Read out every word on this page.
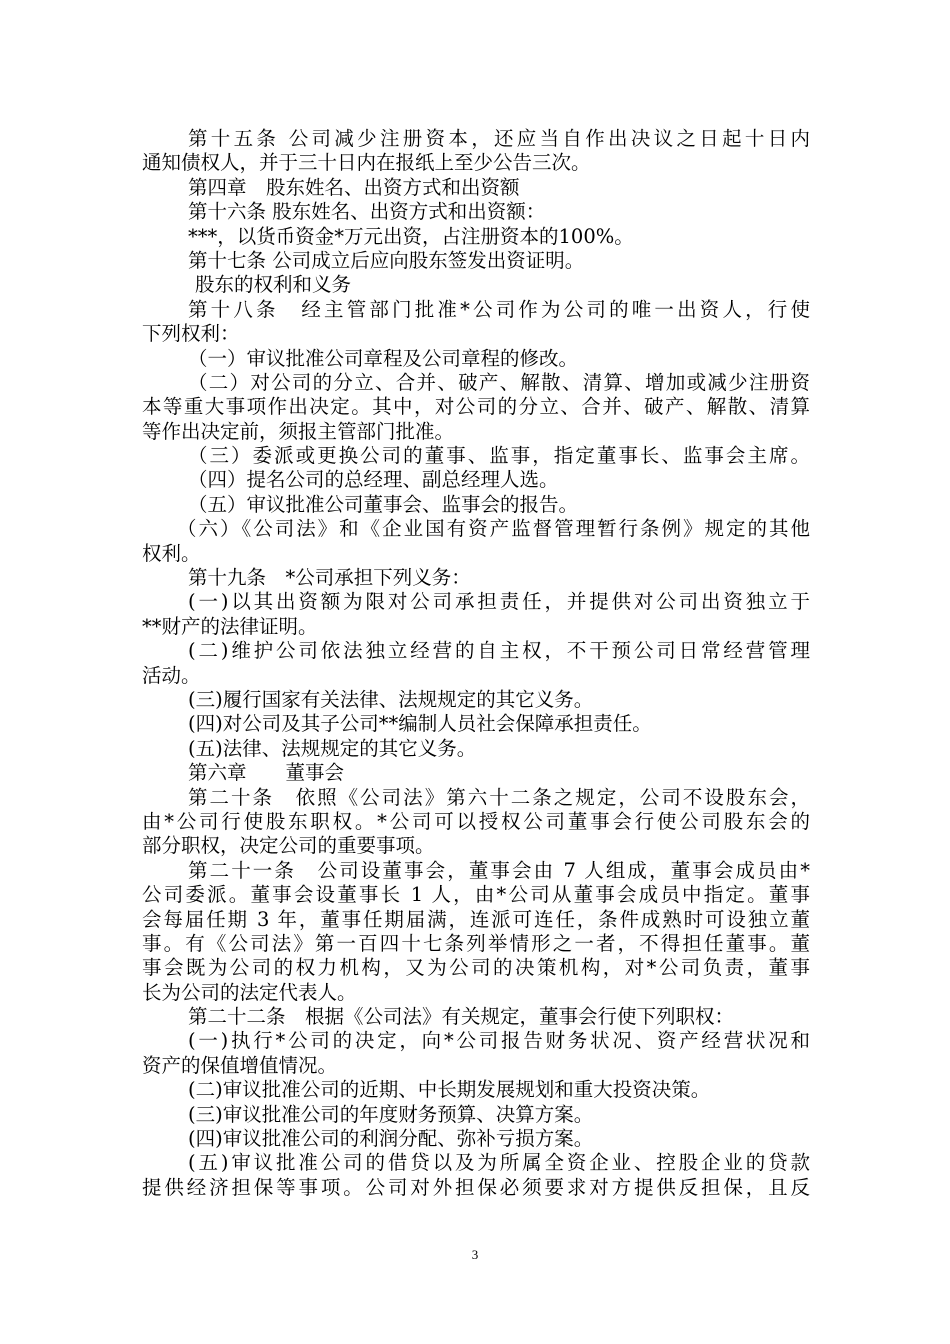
第十五条 公司减少注册资本，还应当自作出决议之日起十日内
通知债权人，并于三十日内在报纸上至少公告三次。
第四章　股东姓名、出资方式和出资额
第十六条 股东姓名、出资方式和出资额：
***，以货币资金*万元出资，占注册资本的100%。
第十七条 公司成立后应向股东签发出资证明。
股东的权利和义务
第十八条　经主管部门批准*公司作为公司的唯一出资人，行使
下列权利：
（一）审议批准公司章程及公司章程的修改。
（二）对公司的分立、合并、破产、解散、清算、增加或减少注册资
本等重大事项作出决定。其中，对公司的分立、合并、破产、解散、清算
等作出决定前，须报主管部门批准。
（三）委派或更换公司的董事、监事，指定董事长、监事会主席。
（四）提名公司的总经理、副总经理人选。
（五）审议批准公司董事会、监事会的报告。
（六）《公司法》和《企业国有资产监督管理暂行条例》规定的其他
权利。
第十九条　*公司承担下列义务：
(一)以其出资额为限对公司承担责任，并提供对公司出资独立于
**财产的法律证明。
(二)维护公司依法独立经营的自主权，不干预公司日常经营管理
活动。
(三)履行国家有关法律、法规规定的其它义务。
(四)对公司及其子公司**编制人员社会保障承担责任。
(五)法律、法规规定的其它义务。
第六章　　董事会
第二十条　依照《公司法》第六十二条之规定，公司不设股东会，
由*公司行使股东职权。*公司可以授权公司董事会行使公司股东会的
部分职权，决定公司的重要事项。
第二十一条　公司设董事会，董事会由 7 人组成，董事会成员由*
公司委派。董事会设董事长 1 人，由*公司从董事会成员中指定。董事
会每届任期 3 年，董事任期届满，连派可连任，条件成熟时可设独立董
事。有《公司法》第一百四十七条列举情形之一者，不得担任董事。董
事会既为公司的权力机构，又为公司的决策机构，对*公司负责，董事
长为公司的法定代表人。
第二十二条　根据《公司法》有关规定，董事会行使下列职权：
(一)执行*公司的决定，向*公司报告财务状况、资产经营状况和
资产的保值增值情况。
(二)审议批准公司的近期、中长期发展规划和重大投资决策。
(三)审议批准公司的年度财务预算、决算方案。
(四)审议批准公司的利润分配、弥补亏损方案。
(五)审议批准公司的借贷以及为所属全资企业、控股企业的贷款
提供经济担保等事项。公司对外担保必须要求对方提供反担保，且反
3
